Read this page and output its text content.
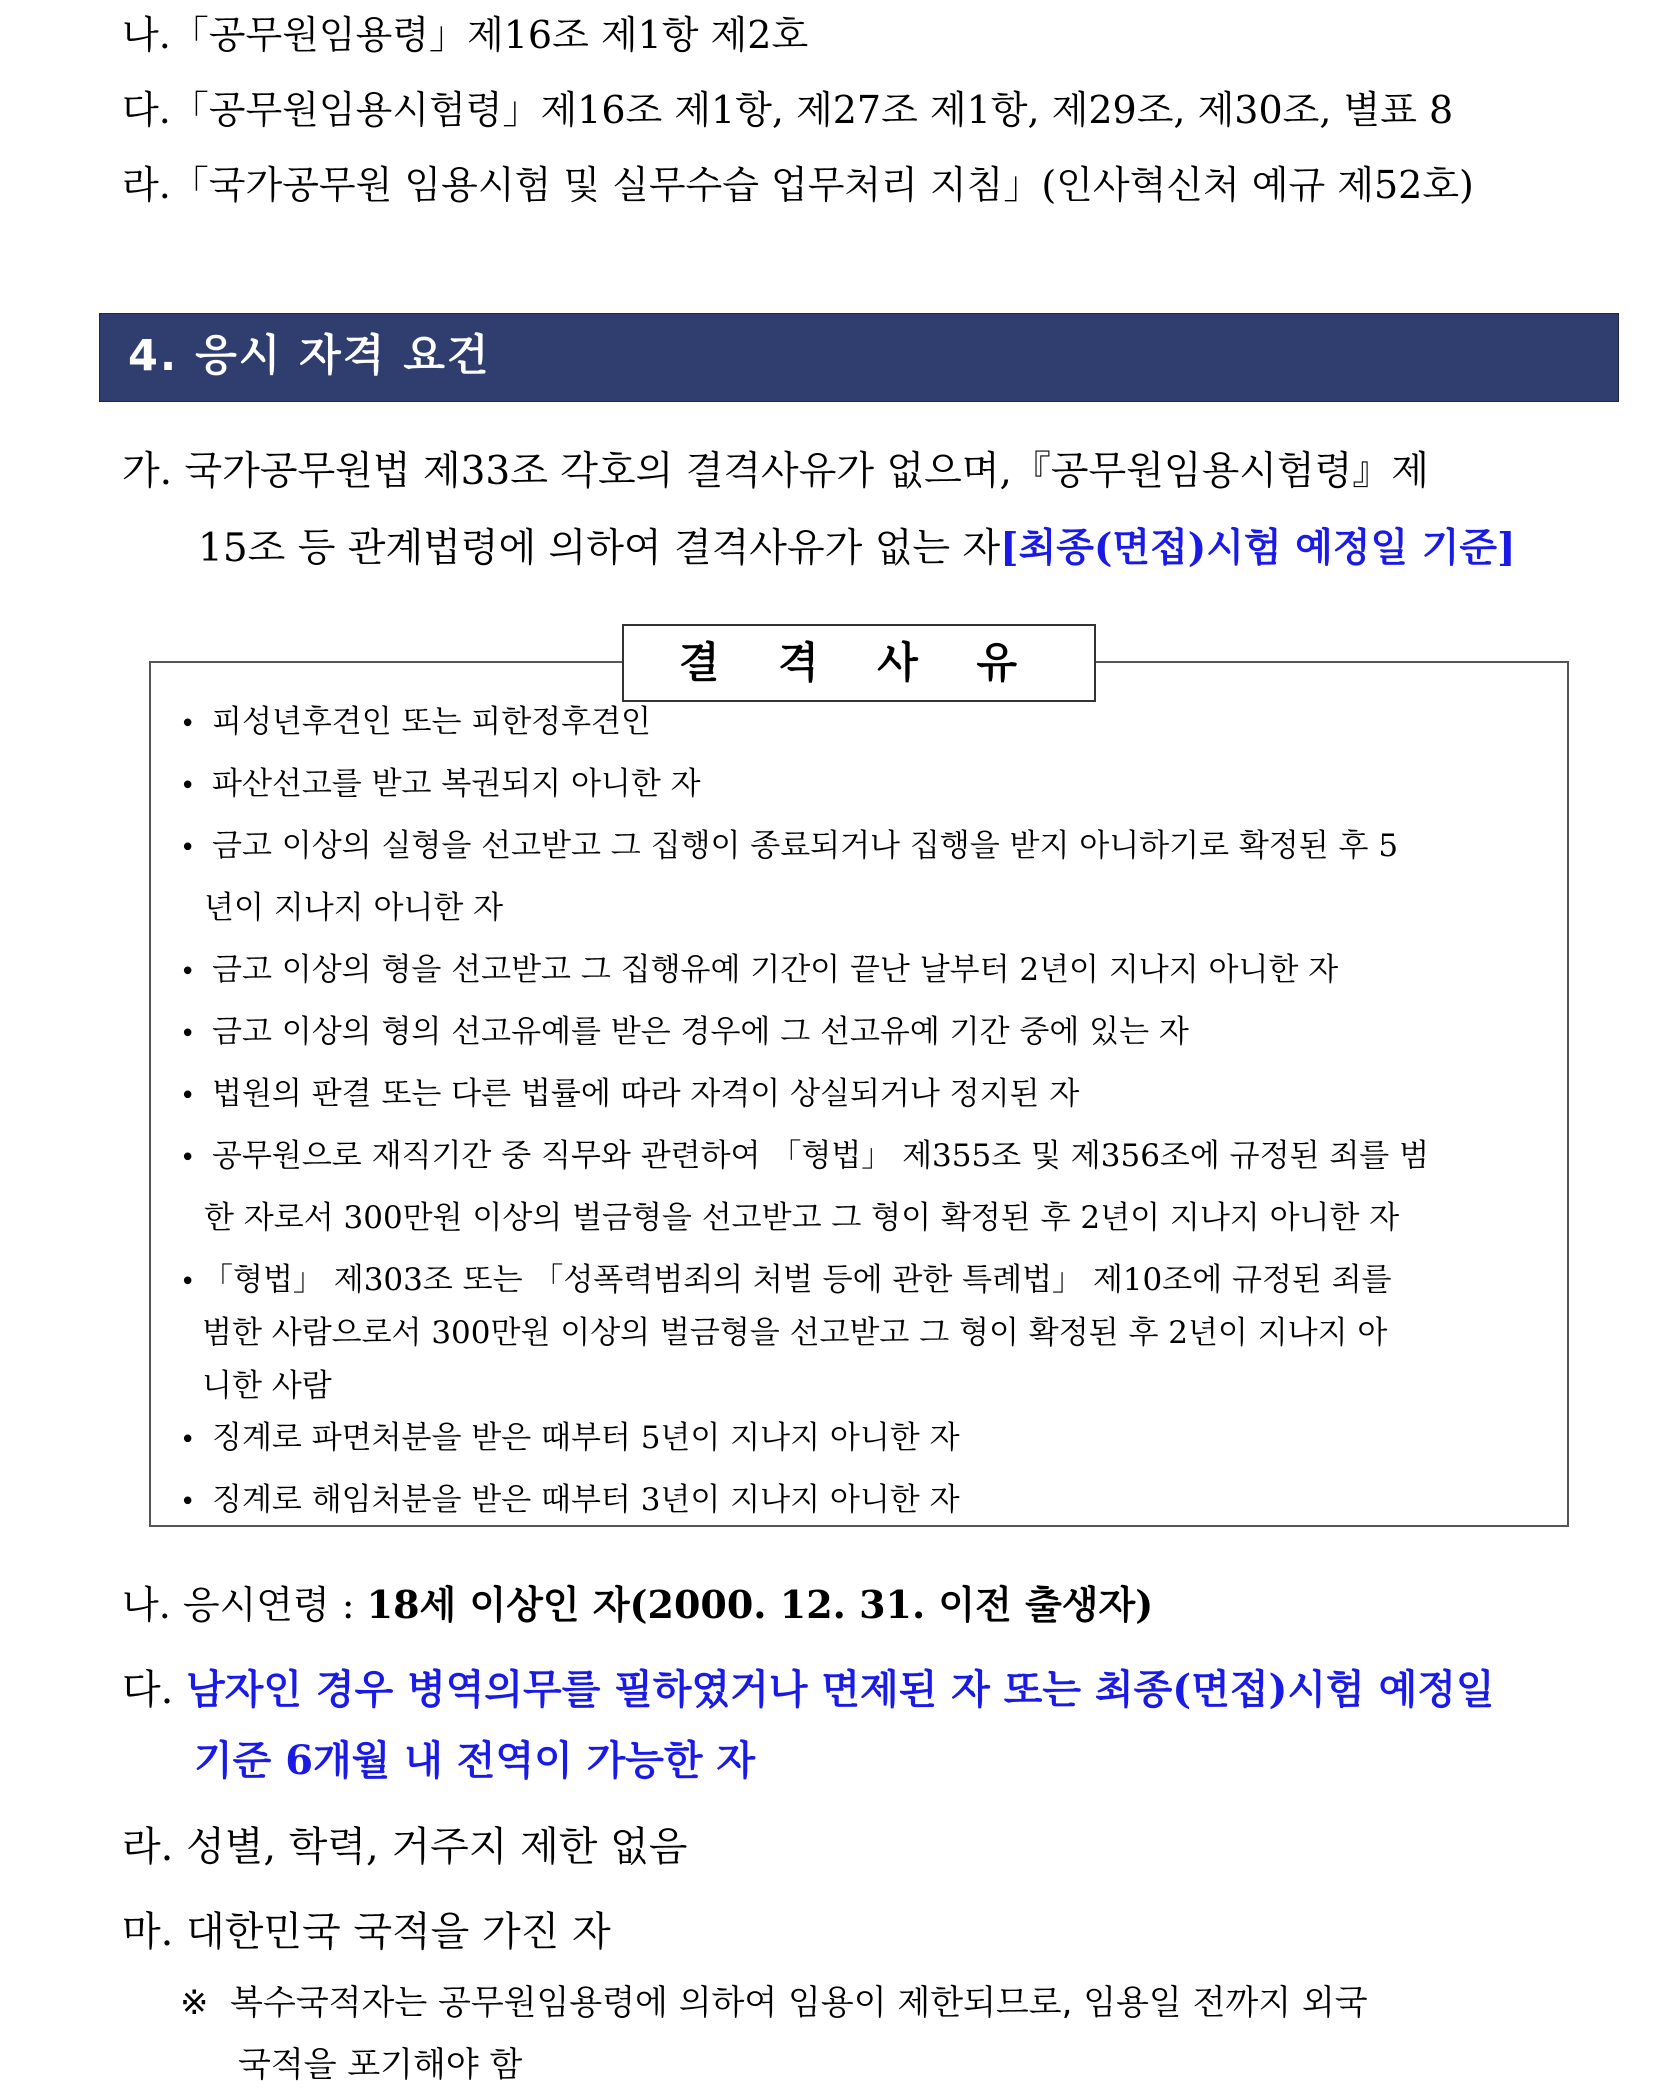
나.「공무원임용령」제16조 제1항 제2호
다.「공무원임용시험령」제16조 제1항, 제27조 제1항, 제29조, 제30조, 별표 8
라.「국가공무원 임용시험 및 실무수습 업무처리 지침」(인사혁신처 예규 제52호)
4. 응시 자격 요건
가. 국가공무원법 제33조 각호의 결격사유가 없으며,『공무원임용시험령』제
15조 등 관계법령에 의하여 결격사유가 없는 자[최종(면접)시험 예정일 기준]
결 격 사 유
• 피성년후견인 또는 피한정후견인
• 파산선고를 받고 복권되지 아니한 자
• 금고 이상의 실형을 선고받고 그 집행이 종료되거나 집행을 받지 아니하기로 확정된 후 5
년이 지나지 아니한 자
• 금고 이상의 형을 선고받고 그 집행유예 기간이 끝난 날부터 2년이 지나지 아니한 자
• 금고 이상의 형의 선고유예를 받은 경우에 그 선고유예 기간 중에 있는 자
• 법원의 판결 또는 다른 법률에 따라 자격이 상실되거나 정지된 자
• 공무원으로 재직기간 중 직무와 관련하여 「형법」 제355조 및 제356조에 규정된 죄를 범
한 자로서 300만원 이상의 벌금형을 선고받고 그 형이 확정된 후 2년이 지나지 아니한 자
• 「형법」 제303조 또는 「성폭력범죄의 처벌 등에 관한 특례법」 제10조에 규정된 죄를
범한 사람으로서 300만원 이상의 벌금형을 선고받고 그 형이 확정된 후 2년이 지나지 아
니한 사람
• 징계로 파면처분을 받은 때부터 5년이 지나지 아니한 자
• 징계로 해임처분을 받은 때부터 3년이 지나지 아니한 자
나. 응시연령 : 18세 이상인 자(2000. 12. 31. 이전 출생자)
다. 남자인 경우 병역의무를 필하였거나 면제된 자 또는 최종(면접)시험 예정일
기준 6개월 내 전역이 가능한 자
라. 성별, 학력, 거주지 제한 없음
마. 대한민국 국적을 가진 자
※ 복수국적자는 공무원임용령에 의하여 임용이 제한되므로, 임용일 전까지 외국
국적을 포기해야 함
